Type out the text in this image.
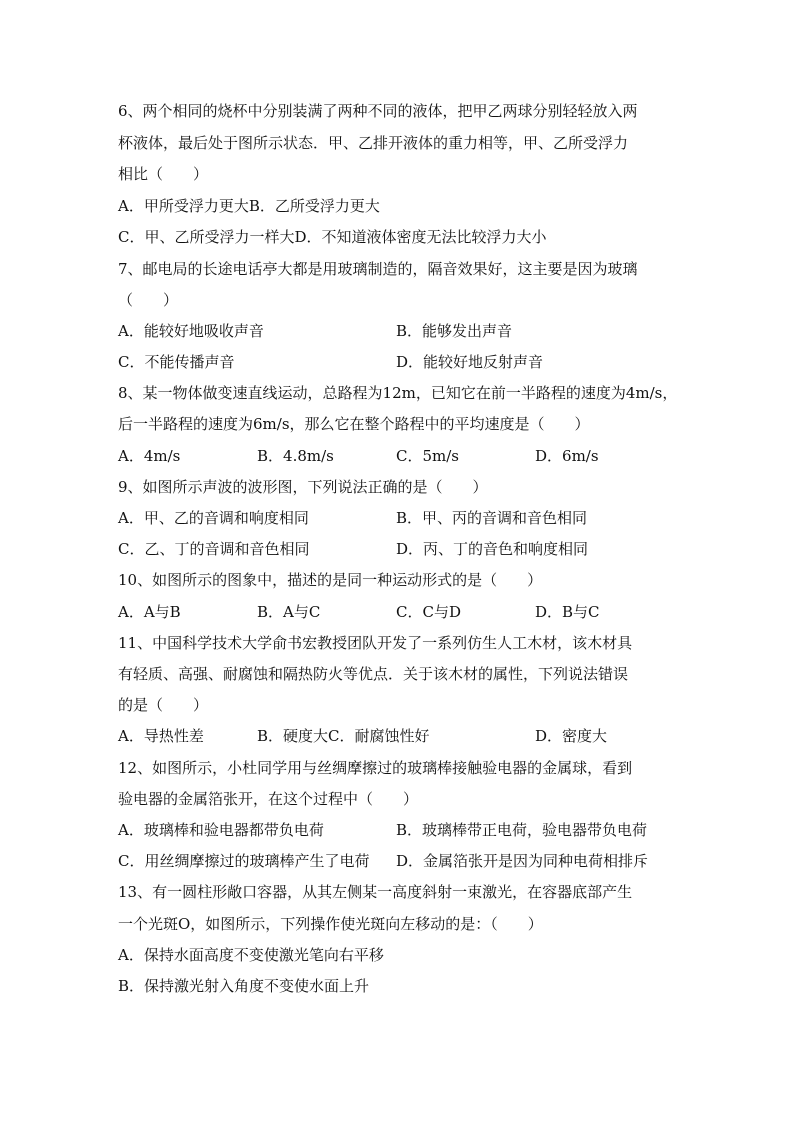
6、两个相同的烧杯中分别装满了两种不同的液体，把甲乙两球分别轻轻放入两
杯液体，最后处于图所示状态．甲、乙排开液体的重力相等，甲、乙所受浮力
相比（　　）
A．甲所受浮力更大B．乙所受浮力更大
C．甲、乙所受浮力一样大D．不知道液体密度无法比较浮力大小
7、邮电局的长途电话亭大都是用玻璃制造的，隔音效果好，这主要是因为玻璃
（　　）
A．能较好地吸收声音	B．能够发出声音
C．不能传播声音	D．能较好地反射声音
8、某一物体做变速直线运动，总路程为12m，已知它在前一半路程的速度为4m/s，
后一半路程的速度为6m/s，那么它在整个路程中的平均速度是（　　）
A．4m/s	B．4.8m/s	C．5m/s	D．6m/s
9、如图所示声波的波形图，下列说法正确的是（　　）
A．甲、乙的音调和响度相同	B．甲、丙的音调和音色相同
C．乙、丁的音调和音色相同	D．丙、丁的音色和响度相同
10、如图所示的图象中，描述的是同一种运动形式的是（　　）
A．A与B	B．A与C	C．C与D	D．B与C
11、中国科学技术大学俞书宏教授团队开发了一系列仿生人工木材，该木材具
有轻质、高强、耐腐蚀和隔热防火等优点．关于该木材的属性，下列说法错误
的是（　　）
A．导热性差	B．硬度大C．耐腐蚀性好	D．密度大
12、如图所示，小杜同学用与丝绸摩擦过的玻璃棒接触验电器的金属球，看到
验电器的金属箔张开，在这个过程中（　　）
A．玻璃棒和验电器都带负电荷	B．玻璃棒带正电荷，验电器带负电荷
C．用丝绸摩擦过的玻璃棒产生了电荷 D．金属箔张开是因为同种电荷相排斥
13、有一圆柱形敞口容器，从其左侧某一高度斜射一束激光，在容器底部产生
一个光斑O，如图所示，下列操作使光斑向左移动的是：（　　）
A．保持水面高度不变使激光笔向右平移
B．保持激光射入角度不变使水面上升
